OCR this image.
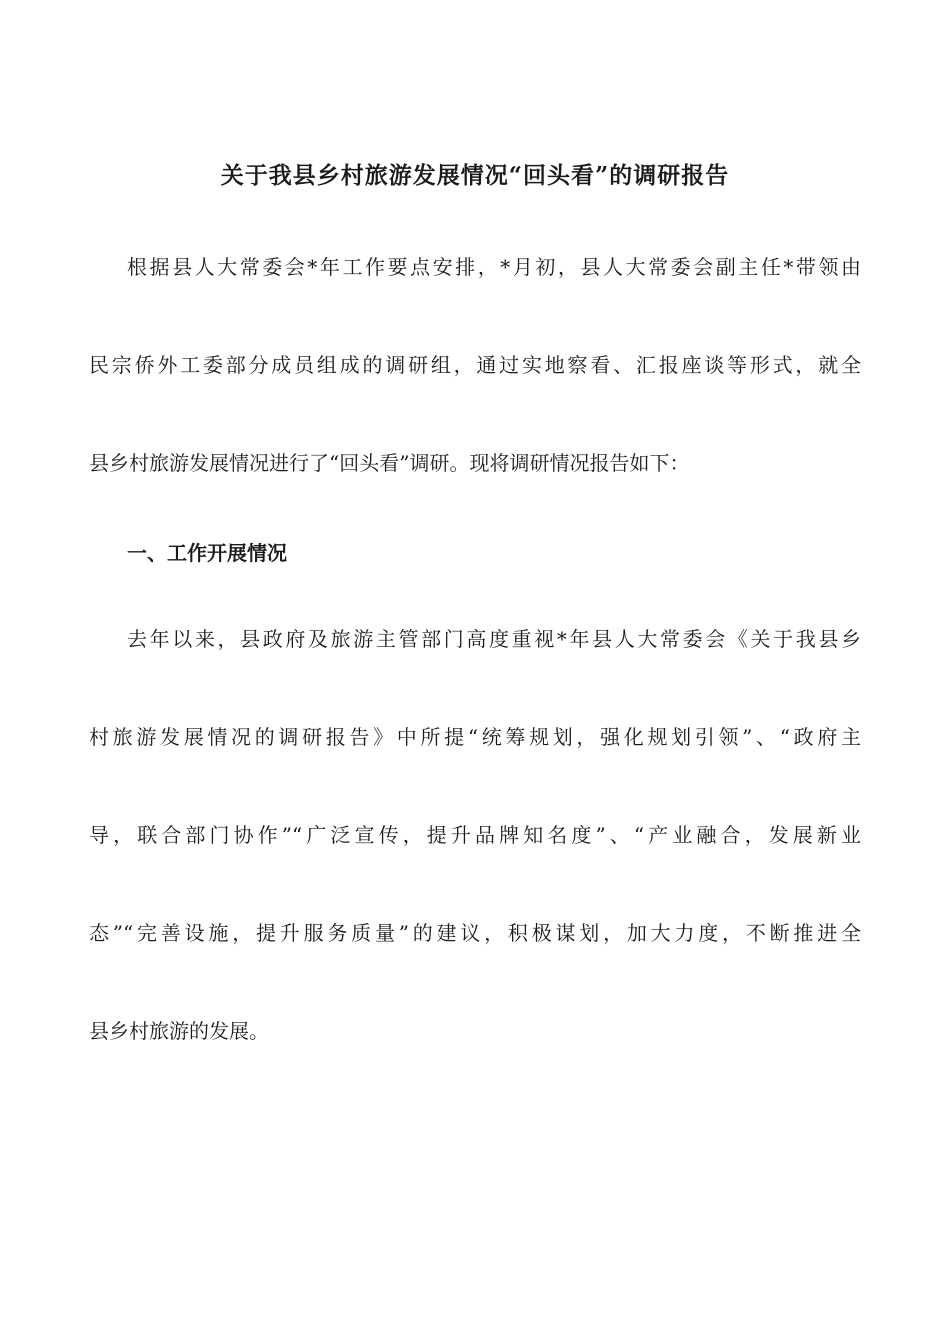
关于我县乡村旅游发展情况“回头看”的调研报告
根据县人大常委会*年工作要点安排，*月初，县人大常委会副主任*带领由
民宗侨外工委部分成员组成的调研组，通过实地察看、汇报座谈等形式，就全
县乡村旅游发展情况进行了“回头看”调研。现将调研情况报告如下：
一、工作开展情况
去年以来，县政府及旅游主管部门高度重视*年县人大常委会《关于我县乡
村旅游发展情况的调研报告》中所提“统筹规划，强化规划引领”、“政府主
导，联合部门协作”“广泛宣传，提升品牌知名度”、“产业融合，发展新业
态”“完善设施，提升服务质量”的建议，积极谋划，加大力度，不断推进全
县乡村旅游的发展。
